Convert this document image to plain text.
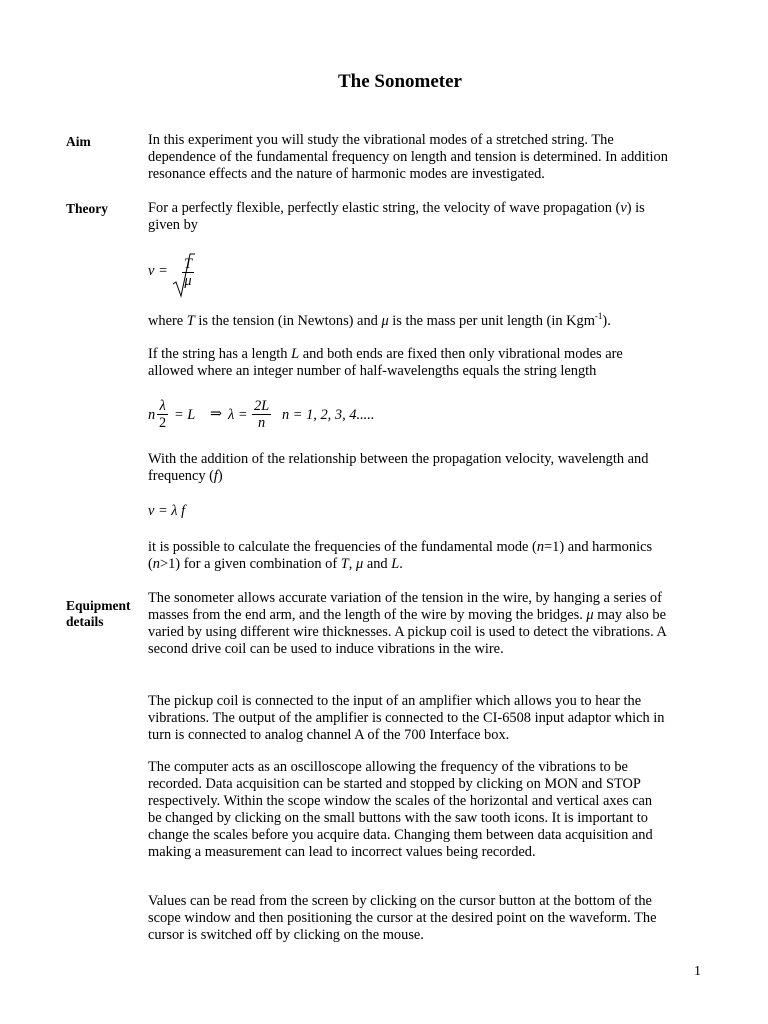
The Sonometer
Aim	In this experiment you will study the vibrational modes of a stretched string. The dependence of the fundamental frequency on length and tension is determined. In addition resonance effects and the nature of harmonic modes are investigated.
Theory	For a perfectly flexible, perfectly elastic string, the velocity of wave propagation (v) is given by
$v = \frac{T}{\mu}$
where T is the tension (in Newtons) and μ is the mass per unit length (in Kgm$^{-1}$).
If the string has a length L and both ends are fixed then only vibrational modes are allowed where an integer number of half-wavelengths equals the string length
n $\frac{\lambda}{2} = L$ ⇒ $\lambda = \frac{2L}{n}$ n = 1, 2, 3, 4.....
With the addition of the relationship between the propagation velocity, wavelength and frequency (f)
v = λ f
it is possible to calculate the frequencies of the fundamental mode (n=1) and harmonics (n>1) for a given combination of T, μ and L.
Equipment
details
The sonometer allows accurate variation of the tension in the wire, by hanging a series of masses from the end arm, and the length of the wire by moving the bridges. μ may also be varied by using different wire thicknesses. A pickup coil is used to detect the vibrations. A second drive coil can be used to induce vibrations in the wire.
The pickup coil is connected to the input of an amplifier which allows you to hear the vibrations. The output of the amplifier is connected to the CI-6508 input adaptor which in turn is connected to analog channel A of the 700 Interface box.
The computer acts as an oscilloscope allowing the frequency of the vibrations to be recorded. Data acquisition can be started and stopped by clicking on MON and STOP respectively. Within the scope window the scales of the horizontal and vertical axes can be changed by clicking on the small buttons with the saw tooth icons. It is important to change the scales before you acquire data. Changing them between data acquisition and making a measurement can lead to incorrect values being recorded.
Values can be read from the screen by clicking on the cursor button at the bottom of the scope window and then positioning the cursor at the desired point on the waveform. The cursor is switched off by clicking on the mouse.
1
